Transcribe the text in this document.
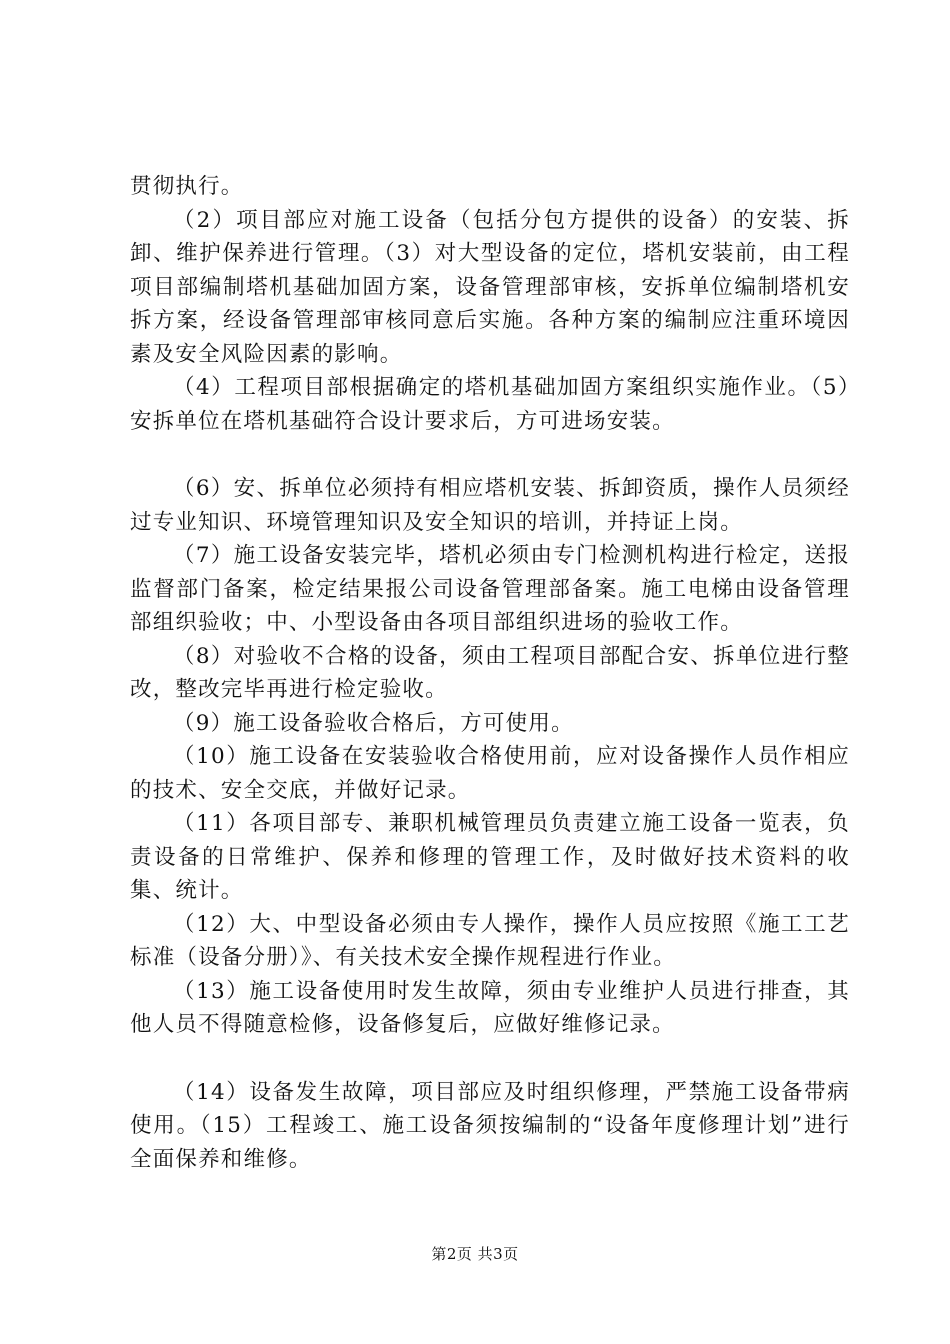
贯彻执行。

（2）项目部应对施工设备（包括分包方提供的设备）的安装、拆卸、维护保养进行管理。（3）对大型设备的定位，塔机安装前，由工程项目部编制塔机基础加固方案，设备管理部审核，安拆单位编制塔机安拆方案，经设备管理部审核同意后实施。各种方案的编制应注重环境因素及安全风险因素的影响。

（4）工程项目部根据确定的塔机基础加固方案组织实施作业。（5）安拆单位在塔机基础符合设计要求后，方可进场安装。

（6）安、拆单位必须持有相应塔机安装、拆卸资质，操作人员须经过专业知识、环境管理知识及安全知识的培训，并持证上岗。

（7）施工设备安装完毕，塔机必须由专门检测机构进行检定，送报监督部门备案，检定结果报公司设备管理部备案。施工电梯由设备管理部组织验收；中、小型设备由各项目部组织进场的验收工作。

（8）对验收不合格的设备，须由工程项目部配合安、拆单位进行整改，整改完毕再进行检定验收。

（9）施工设备验收合格后，方可使用。

（10）施工设备在安装验收合格使用前，应对设备操作人员作相应的技术、安全交底，并做好记录。

（11）各项目部专、兼职机械管理员负责建立施工设备一览表，负责设备的日常维护、保养和修理的管理工作，及时做好技术资料的收集、统计。

（12）大、中型设备必须由专人操作，操作人员应按照《施工工艺标准（设备分册）》、有关技术安全操作规程进行作业。

（13）施工设备使用时发生故障，须由专业维护人员进行排查，其他人员不得随意检修，设备修复后，应做好维修记录。

（14）设备发生故障，项目部应及时组织修理，严禁施工设备带病使用。（15）工程竣工、施工设备须按编制的“设备年度修理计划”进行全面保养和维修。

第2页 共3页
